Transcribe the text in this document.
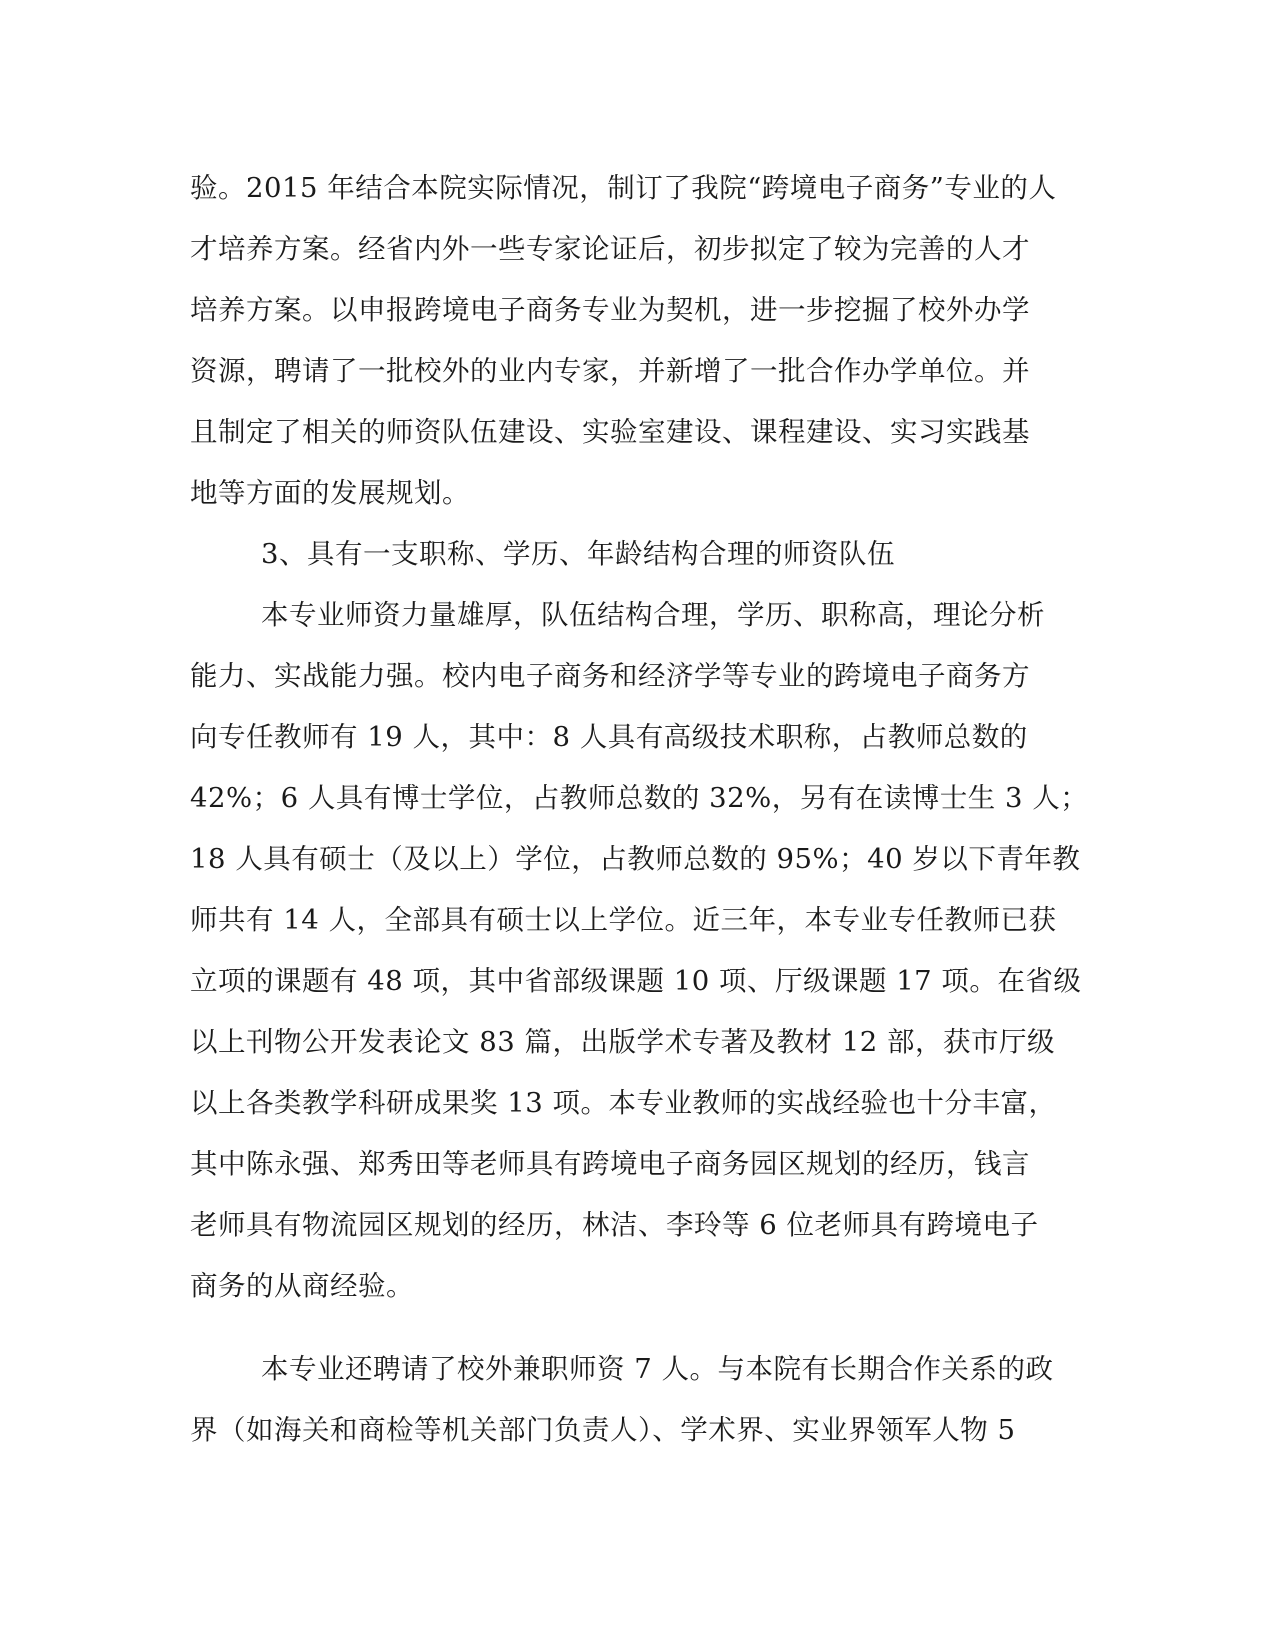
验。2015 年结合本院实际情况，制订了我院“跨境电子商务”专业的人
才培养方案。经省内外一些专家论证后，初步拟定了较为完善的人才
培养方案。以申报跨境电子商务专业为契机，进一步挖掘了校外办学
资源，聘请了一批校外的业内专家，并新增了一批合作办学单位。并
且制定了相关的师资队伍建设、实验室建设、课程建设、实习实践基
地等方面的发展规划。
3、具有一支职称、学历、年龄结构合理的师资队伍
本专业师资力量雄厚，队伍结构合理，学历、职称高，理论分析
能力、实战能力强。校内电子商务和经济学等专业的跨境电子商务方
向专任教师有 19 人，其中：8 人具有高级技术职称，占教师总数的
42%；6 人具有博士学位，占教师总数的 32%，另有在读博士生 3 人；
18 人具有硕士（及以上）学位，占教师总数的 95%；40 岁以下青年教
师共有 14 人，全部具有硕士以上学位。近三年，本专业专任教师已获
立项的课题有 48 项，其中省部级课题 10 项、厅级课题 17 项。在省级
以上刊物公开发表论文 83 篇，出版学术专著及教材 12 部，获市厅级
以上各类教学科研成果奖 13 项。本专业教师的实战经验也十分丰富，
其中陈永强、郑秀田等老师具有跨境电子商务园区规划的经历，钱言
老师具有物流园区规划的经历，林洁、李玲等 6 位老师具有跨境电子
商务的从商经验。
本专业还聘请了校外兼职师资 7 人。与本院有长期合作关系的政
界（如海关和商检等机关部门负责人）、学术界、实业界领军人物 5
